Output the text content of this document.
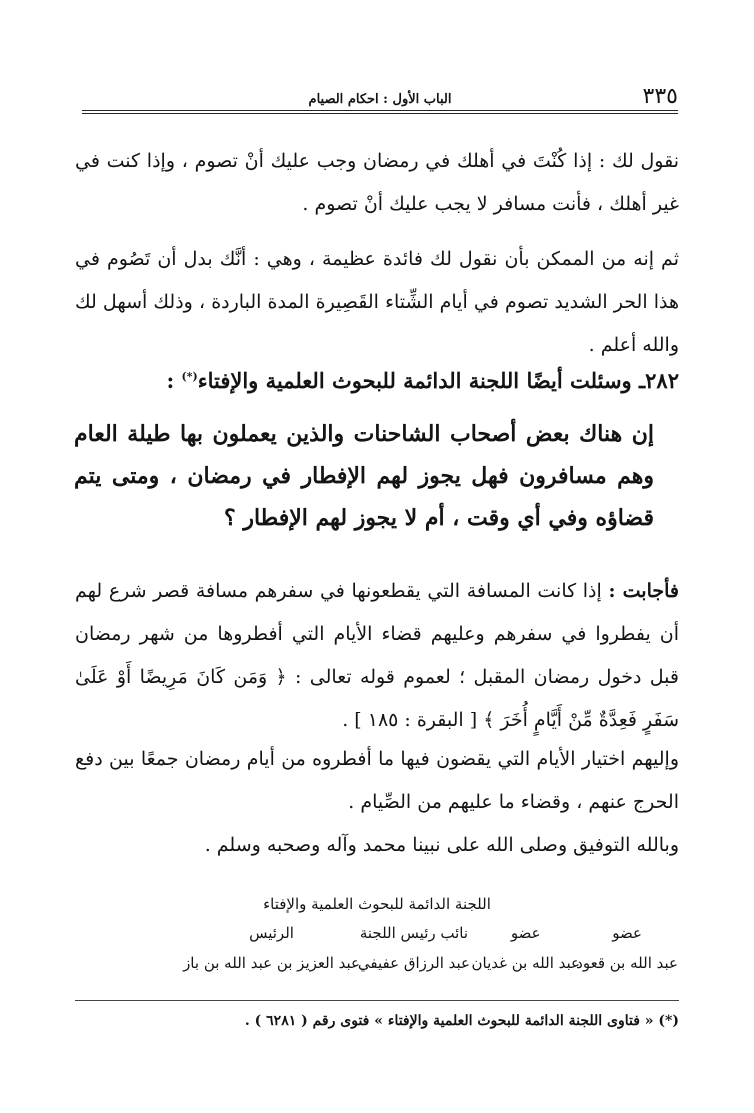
٣٣٥
الباب الأول : احكام الصيام

نقول لك : إذا كُنْتَ في أهلك في رمضان وجب عليك أنْ تصوم ، وإذا كنت في غير أهلك ، فأنت مسافر لا يجب عليك أنْ تصوم .

ثم إنه من الممكن بأن نقول لك فائدة عظيمة ، وهي : أنَّك بدل أن تَصُوم في هذا الحر الشديد تصوم في أيام الشِّتاء القَصِيرة المدة الباردة ، وذلك أسهل لك والله أعلم .

٢٨٢ـ وسئلت أيضًا اللجنة الدائمة للبحوث العلمية والإفتاء(*) :

إن هناك بعض أصحاب الشاحنات والذين يعملون بها طيلة العام وهم مسافرون فهل يجوز لهم الإفطار في رمضان ، ومتى يتم قضاؤه وفي أي وقت ، أم لا يجوز لهم الإفطار ؟

فأجابت : إذا كانت المسافة التي يقطعونها في سفرهم مسافة قصر شرع لهم أن يفطروا في سفرهم وعليهم قضاء الأيام التي أفطروها من شهر رمضان قبل دخول رمضان المقبل ؛ لعموم قوله تعالى : ﴿ وَمَن كَانَ مَرِيضًا أَوْ عَلَىٰ سَفَرٍ فَعِدَّةٌ مِّنْ أَيَّامٍ أُخَرَ ﴾ [ البقرة : ١٨٥ ] .

وإليهم اختيار الأيام التي يقضون فيها ما أفطروه من أيام رمضان جمعًا بين دفع الحرج عنهم ، وقضاء ما عليهم من الصِّيام .

وبالله التوفيق وصلى الله على نبينا محمد وآله وصحبه وسلم .

اللجنة الدائمة للبحوث العلمية والإفتاء
عضو
عبد الله بن قعود
عضو
عبد الله بن غديان
نائب رئيس اللجنة
عبد الرزاق عفيفي
الرئيس
عبد العزيز بن عبد الله بن باز
(*) « فتاوى اللجنة الدائمة للبحوث العلمية والإفتاء » فتوى رقم ( ٦٢٨١ ) .
